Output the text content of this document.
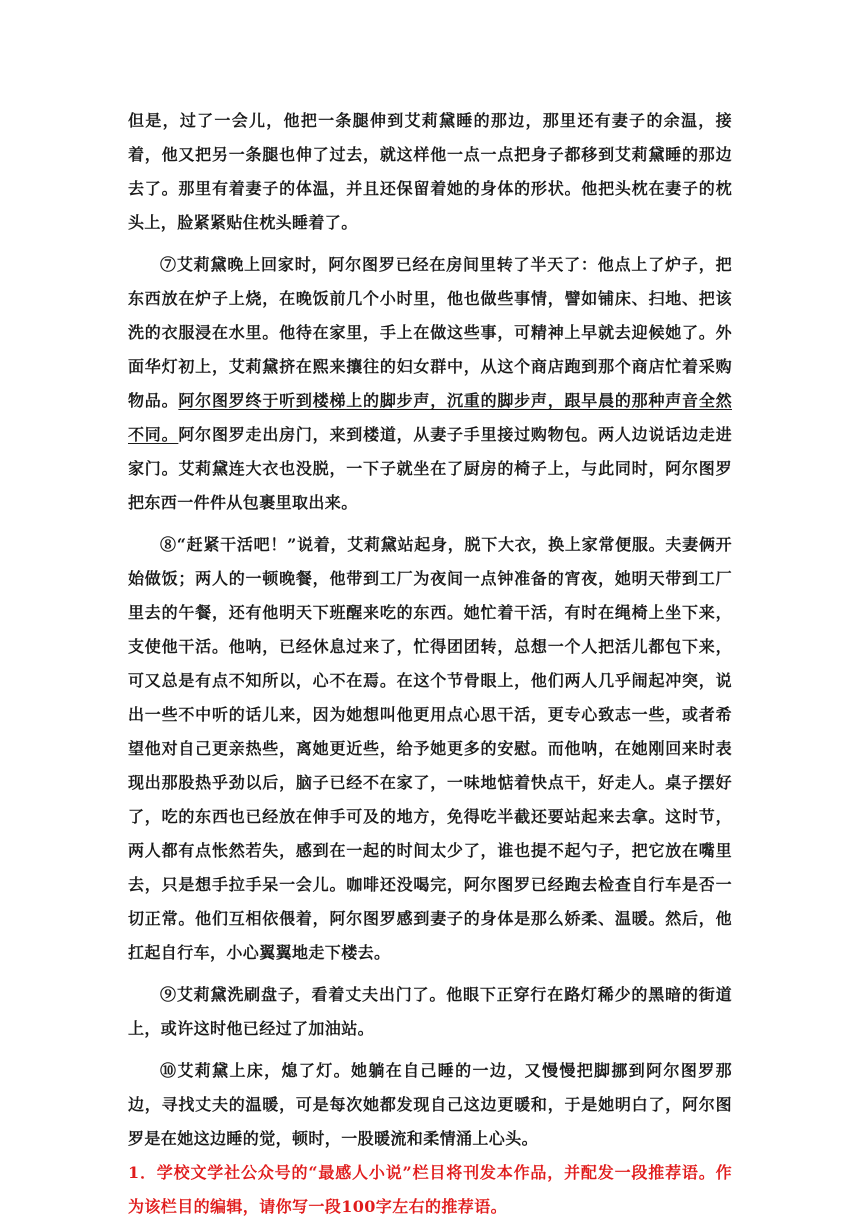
但是，过了一会儿，他把一条腿伸到艾莉黛睡的那边，那里还有妻子的余温，接着，他又把另一条腿也伸了过去，就这样他一点一点把身子都移到艾莉黛睡的那边去了。那里有着妻子的体温，并且还保留着她的身体的形状。他把头枕在妻子的枕头上，脸紧紧贴住枕头睡着了。

⑦艾莉黛晚上回家时，阿尔图罗已经在房间里转了半天了：他点上了炉子，把东西放在炉子上烧，在晚饭前几个小时里，他也做些事情，譬如铺床、扫地、把该洗的衣服浸在水里。他待在家里，手上在做这些事，可精神上早就去迎候她了。外面华灯初上，艾莉黛挤在熙来攘往的妇女群中，从这个商店跑到那个商店忙着采购物品。阿尔图罗终于听到楼梯上的脚步声，沉重的脚步声，跟早晨的那种声音全然不同。阿尔图罗走出房门，来到楼道，从妻子手里接过购物包。两人边说话边走进家门。艾莉黛连大衣也没脱，一下子就坐在了厨房的椅子上，与此同时，阿尔图罗把东西一件件从包裹里取出来。

⑧“赶紧干活吧！”说着，艾莉黛站起身，脱下大衣，换上家常便服。夫妻俩开始做饭；两人的一顿晚餐，他带到工厂为夜间一点钟准备的宵夜，她明天带到工厂里去的午餐，还有他明天下班醒来吃的东西。她忙着干活，有时在绳椅上坐下来，支使他干活。他呐，已经休息过来了，忙得团团转，总想一个人把活儿都包下来，可又总是有点不知所以，心不在焉。在这个节骨眼上，他们两人几乎闹起冲突，说出一些不中听的话儿来，因为她想叫他更用点心思干活，更专心致志一些，或者希望他对自己更亲热些，离她更近些，给予她更多的安慰。而他呐，在她刚回来时表现出那股热乎劲以后，脑子已经不在家了，一味地惦着快点干，好走人。桌子摆好了，吃的东西也已经放在伸手可及的地方，免得吃半截还要站起来去拿。这时节，两人都有点怅然若失，感到在一起的时间太少了，谁也提不起勺子，把它放在嘴里去，只是想手拉手呆一会儿。咖啡还没喝完，阿尔图罗已经跑去检查自行车是否一切正常。他们互相依偎着，阿尔图罗感到妻子的身体是那么娇柔、温暖。然后，他扛起自行车，小心翼翼地走下楼去。

⑨艾莉黛洗刷盘子，看着丈夫出门了。他眼下正穿行在路灯稀少的黑暗的街道上，或许这时他已经过了加油站。

⑩艾莉黛上床，熄了灯。她躺在自己睡的一边，又慢慢把脚挪到阿尔图罗那边，寻找丈夫的温暖，可是每次她都发现自己这边更暖和，于是她明白了，阿尔图罗是在她这边睡的觉，顿时，一股暖流和柔情涌上心头。

1．学校文学社公众号的“最感人小说”栏目将刊发本作品，并配发一段推荐语。作为该栏目的编辑，请你写一段100字左右的推荐语。
